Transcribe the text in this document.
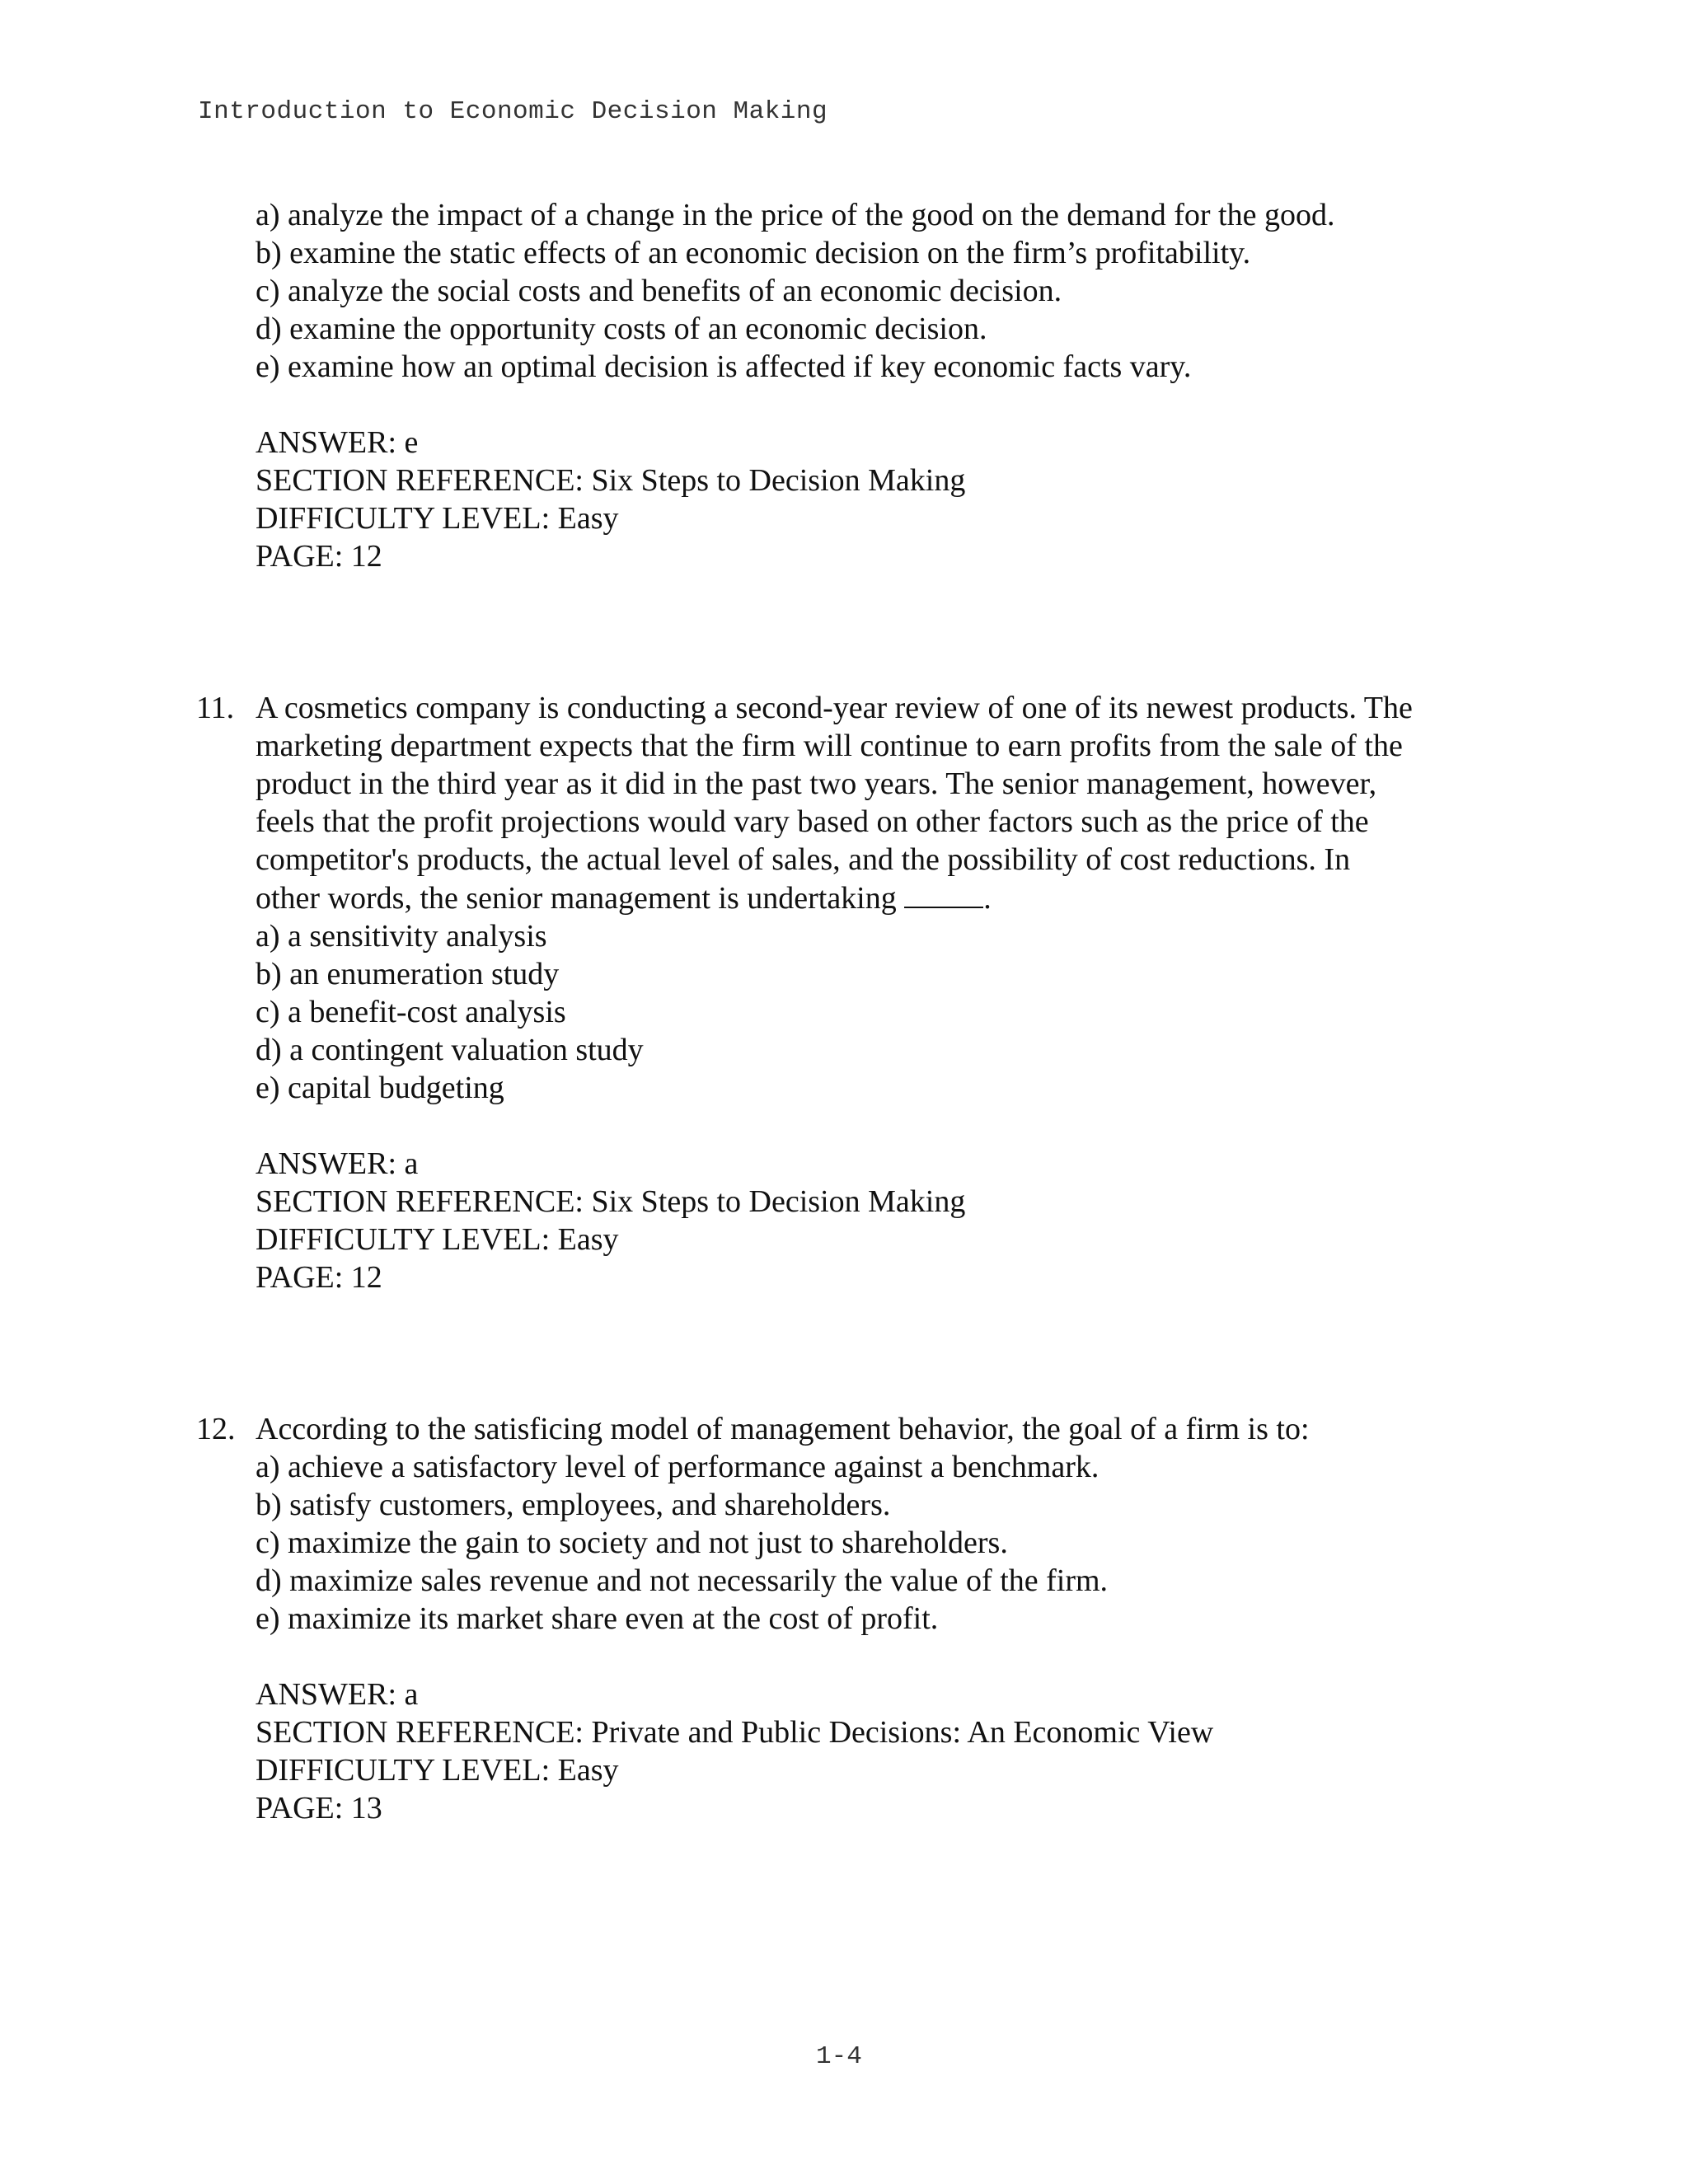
Introduction to Economic Decision Making
a) analyze the impact of a change in the price of the good on the demand for the good.
b) examine the static effects of an economic decision on the firm’s profitability.
c) analyze the social costs and benefits of an economic decision.
d) examine the opportunity costs of an economic decision.
e) examine how an optimal decision is affected if key economic facts vary.
ANSWER: e
SECTION REFERENCE: Six Steps to Decision Making
DIFFICULTY LEVEL: Easy
PAGE: 12
11. A cosmetics company is conducting a second-year review of one of its newest products. The
marketing department expects that the firm will continue to earn profits from the sale of the
product in the third year as it did in the past two years. The senior management, however,
feels that the profit projections would vary based on other factors such as the price of the
competitor's products, the actual level of sales, and the possibility of cost reductions. In
other words, the senior management is undertaking	.
a) a sensitivity analysis
b) an enumeration study
c) a benefit-cost analysis
d) a contingent valuation study
e) capital budgeting
ANSWER: a
SECTION REFERENCE: Six Steps to Decision Making
DIFFICULTY LEVEL: Easy
PAGE: 12
12. According to the satisficing model of management behavior, the goal of a firm is to:
a) achieve a satisfactory level of performance against a benchmark.
b) satisfy customers, employees, and shareholders.
c) maximize the gain to society and not just to shareholders.
d) maximize sales revenue and not necessarily the value of the firm.
e) maximize its market share even at the cost of profit.
ANSWER: a
SECTION REFERENCE: Private and Public Decisions: An Economic View
DIFFICULTY LEVEL: Easy
PAGE: 13
1-4
